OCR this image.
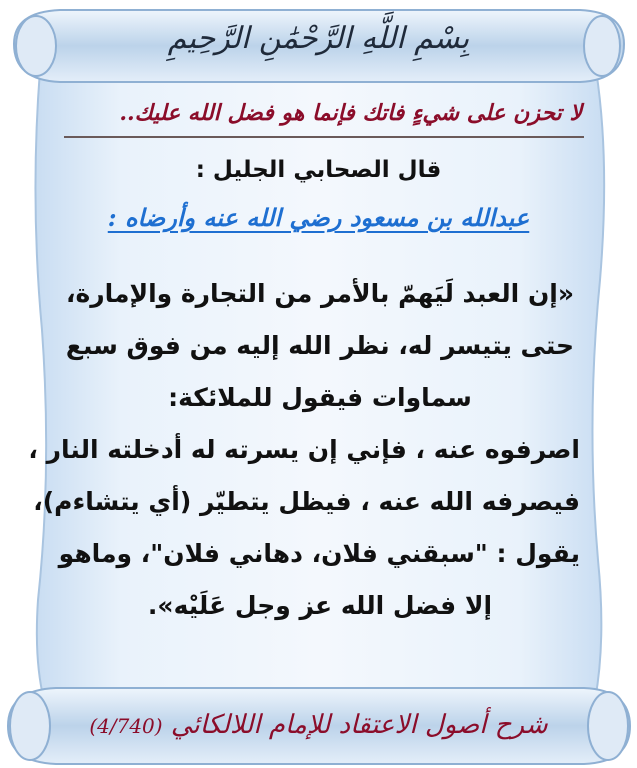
بِسْمِ اللَّهِ الرَّحْمَٰنِ الرَّحِيمِ
لا تحزن على شيءٍ فاتك فإنما هو فضل الله عليك..
قال الصحابي الجليل :
عبدالله بن مسعود رضي الله عنه وأرضاه :
«إن العبد لَيَهمّ بالأمر من التجارة والإمارة،
حتى يتيسر له، نظر الله إليه من فوق سبع
سماوات فيقول للملائكة:
اصرفوه عنه ، فإني إن يسرته له أدخلته النار ،
فيصرفه الله عنه ، فيظل يتطيّر (أي يتشاءم)،
يقول : "سبقني فلان، دهاني فلان"، وماهو
إلا فضل الله عز وجل عَلَيْه».
شرح أصول الاعتقاد للإمام اللالكائي (4/740)
